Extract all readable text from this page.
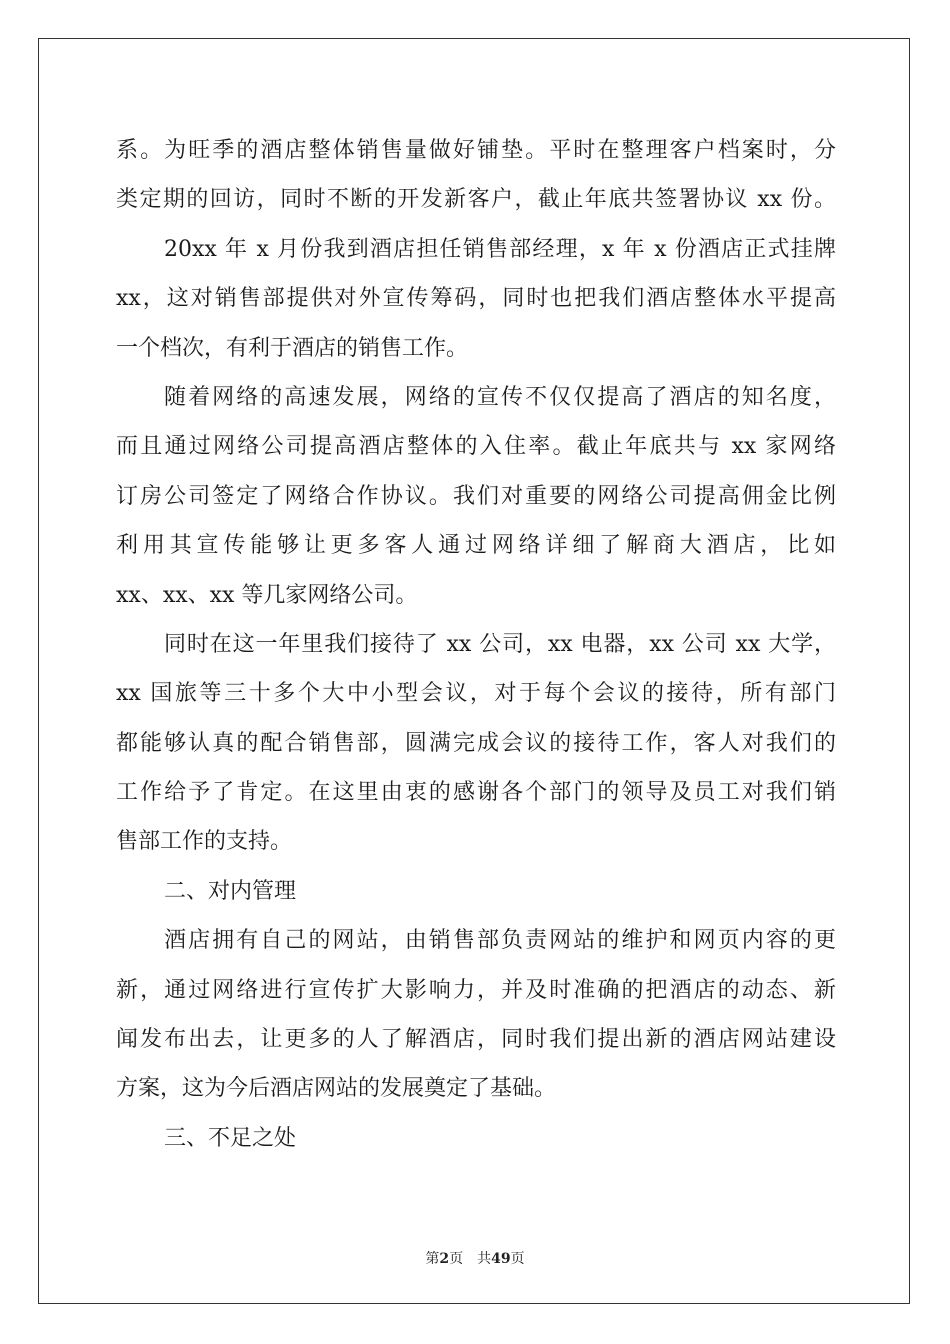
系。为旺季的酒店整体销售量做好铺垫。平时在整理客户档案时，分
类定期的回访，同时不断的开发新客户，截止年底共签署协议 xx 份。
20xx 年 x 月份我到酒店担任销售部经理，x 年 x 份酒店正式挂牌
xx，这对销售部提供对外宣传筹码，同时也把我们酒店整体水平提高
一个档次，有利于酒店的销售工作。
随着网络的高速发展，网络的宣传不仅仅提高了酒店的知名度，
而且通过网络公司提高酒店整体的入住率。截止年底共与 xx 家网络
订房公司签定了网络合作协议。我们对重要的网络公司提高佣金比例
利用其宣传能够让更多客人通过网络详细了解商大酒店，比如
xx、xx、xx 等几家网络公司。
同时在这一年里我们接待了 xx 公司，xx 电器，xx 公司 xx 大学，
xx 国旅等三十多个大中小型会议，对于每个会议的接待，所有部门
都能够认真的配合销售部，圆满完成会议的接待工作，客人对我们的
工作给予了肯定。在这里由衷的感谢各个部门的领导及员工对我们销
售部工作的支持。
二、对内管理
酒店拥有自己的网站，由销售部负责网站的维护和网页内容的更
新，通过网络进行宣传扩大影响力，并及时准确的把酒店的动态、新
闻发布出去，让更多的人了解酒店，同时我们提出新的酒店网站建设
方案，这为今后酒店网站的发展奠定了基础。
三、不足之处
第2页 共49页
